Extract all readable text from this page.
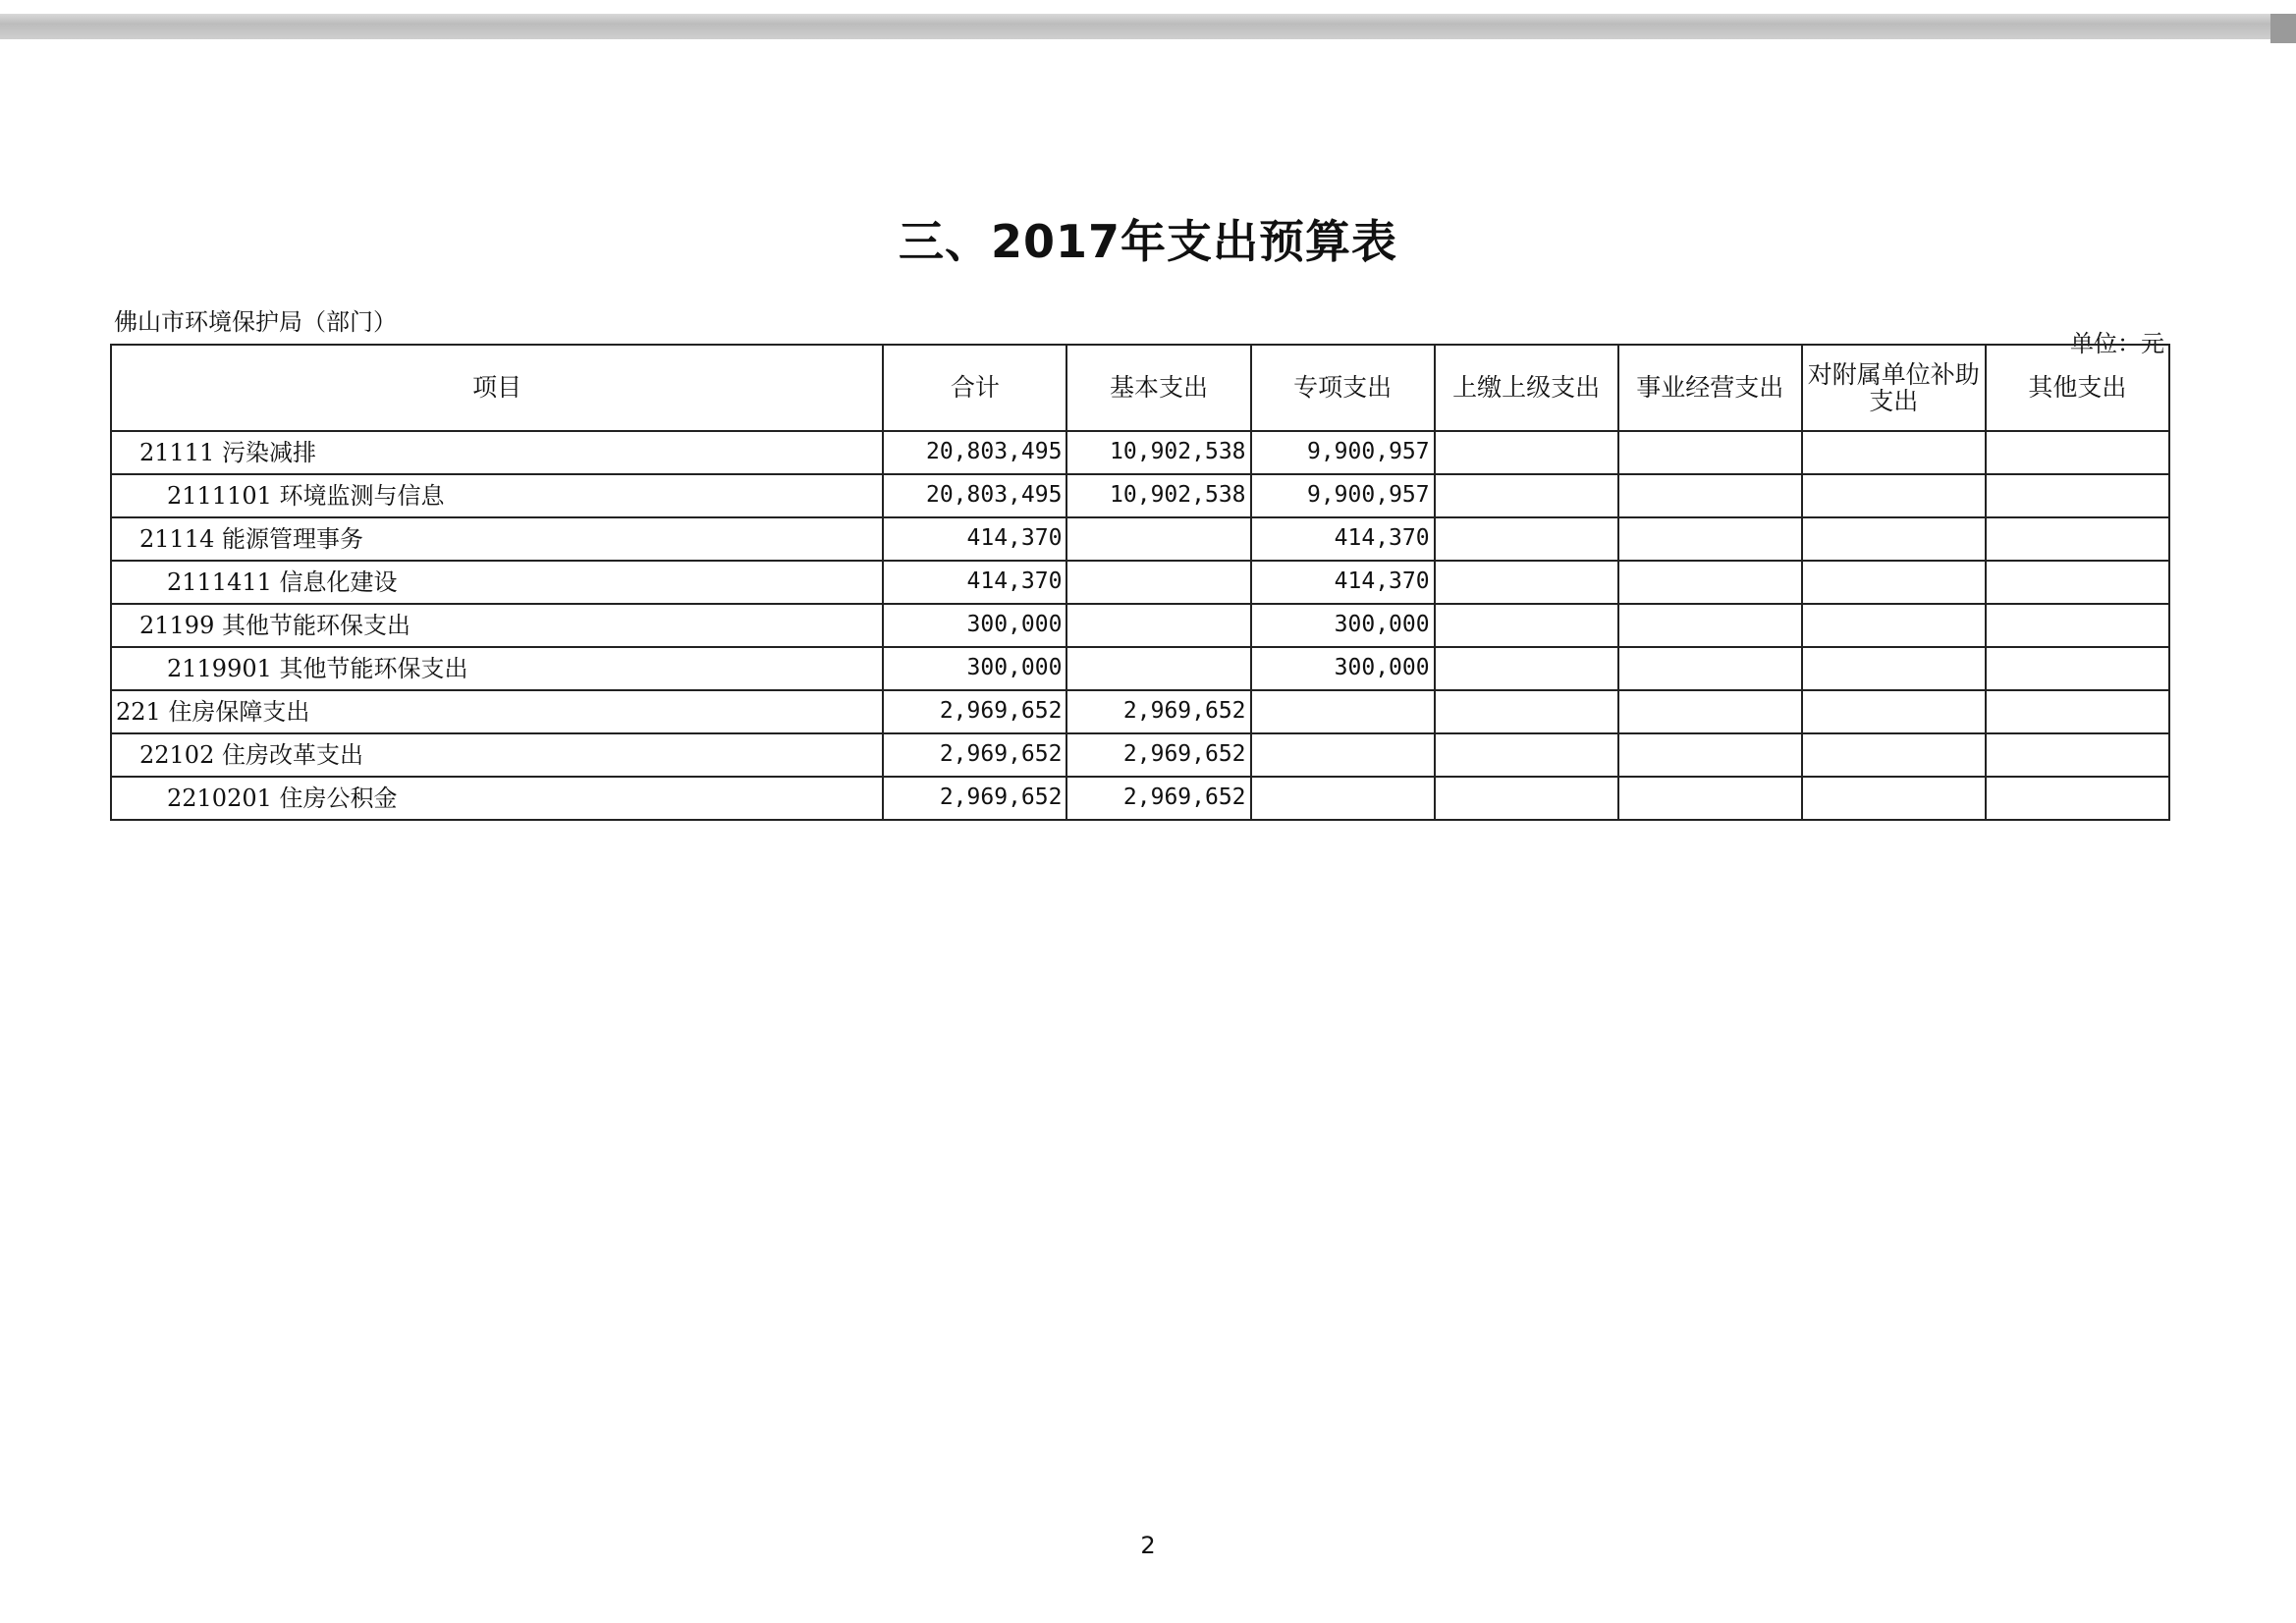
三、2017年支出预算表
佛山市环境保护局（部门）
单位：元
项目	合计	基本支出	专项支出	上缴上级支出	事业经营支出	对附属单位补助支出	其他支出
21111 污染减排	20,803,495	10,902,538	9,900,957				
2111101 环境监测与信息	20,803,495	10,902,538	9,900,957				
21114 能源管理事务	414,370		414,370				
2111411 信息化建设	414,370		414,370				
21199 其他节能环保支出	300,000		300,000				
2119901 其他节能环保支出	300,000		300,000				
221 住房保障支出	2,969,652	2,969,652					
22102 住房改革支出	2,969,652	2,969,652					
2210201 住房公积金	2,969,652	2,969,652					
2
